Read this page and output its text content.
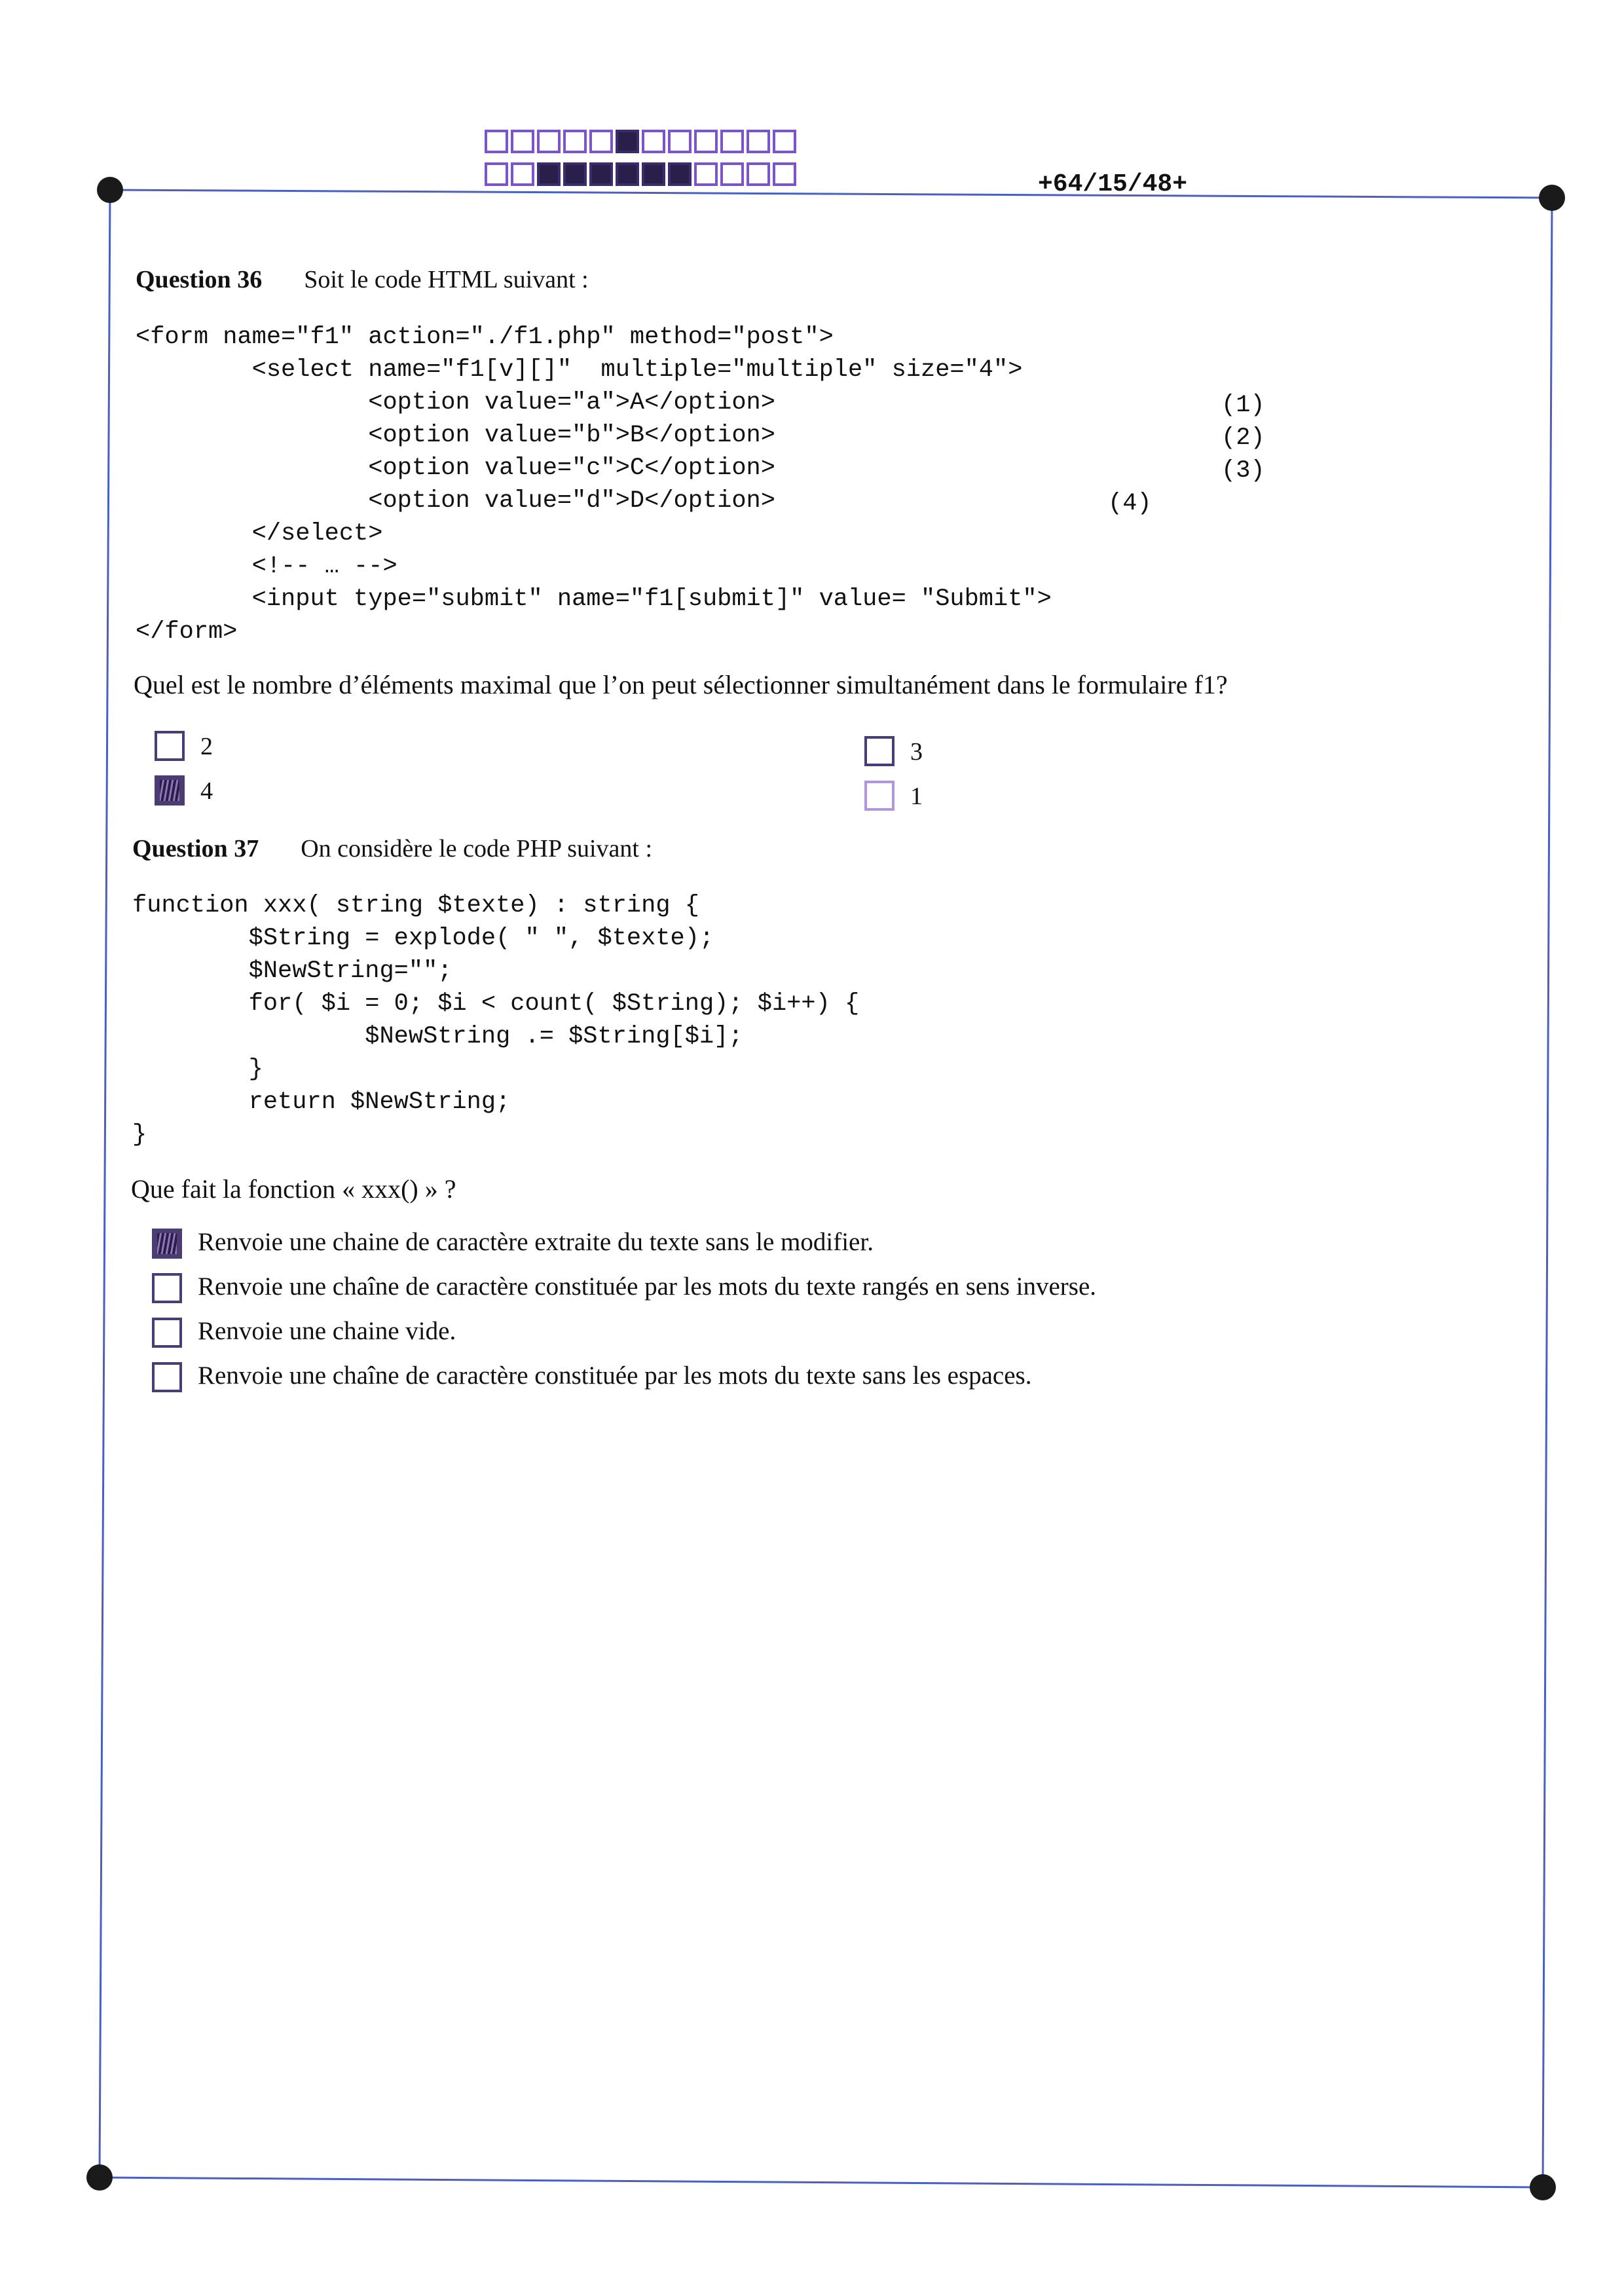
+64/15/48+
Question 36 Soit le code HTML suivant :
<form name="f1" action="./f1.php" method="post">
<select name="f1[v][]"  multiple="multiple" size="4">
<option value="a">A</option>
<option value="b">B</option>
<option value="c">C</option>
<option value="d">D</option>
</select>
<!-- … -->
<input type="submit" name="f1[submit]" value= "Submit">
</form>
(1)
(2)
(3)
(4)
Quel est le nombre d’éléments maximal que l’on peut sélectionner simultanément dans le formulaire f1?
2
4
3
1
Question 37 On considère le code PHP suivant :
function xxx( string $texte) : string {
$String = explode( " ", $texte);
$NewString="";
for( $i = 0; $i < count( $String); $i++) {
$NewString .= $String[$i];
}
return $NewString;
}
Que fait la fonction « xxx() » ?
Renvoie une chaine de caractère extraite du texte sans le modifier.
Renvoie une chaîne de caractère constituée par les mots du texte rangés en sens inverse.
Renvoie une chaine vide.
Renvoie une chaîne de caractère constituée par les mots du texte sans les espaces.
